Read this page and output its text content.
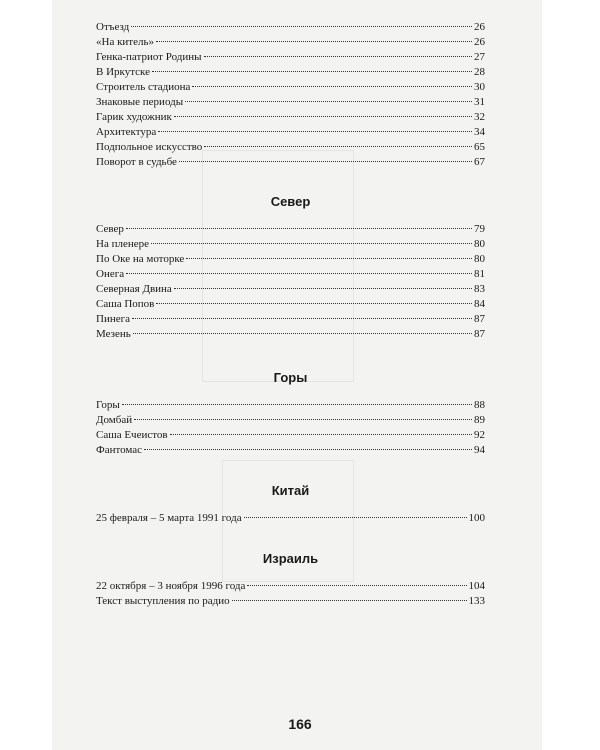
Отъезд	26
«На китель»	26
Генка-патриот Родины	27
В Иркутске	28
Строитель стадиона	30
Знаковые периоды	31
Гарик художник	32
Архитектура	34
Подпольное искусство	65
Поворот в судьбе	67
Север
Север	79
На пленере	80
По Оке на моторке	80
Онега	81
Северная Двина	83
Саша Попов	84
Пинега	87
Мезень	87
Горы
Горы	88
Домбай	89
Саша Ечеистов	92
Фантомас	94
Китай
25 февраля – 5 марта 1991 года	100
Израиль
22 октября – 3 ноября 1996 года	104
Текст выступления по радио	133
166
